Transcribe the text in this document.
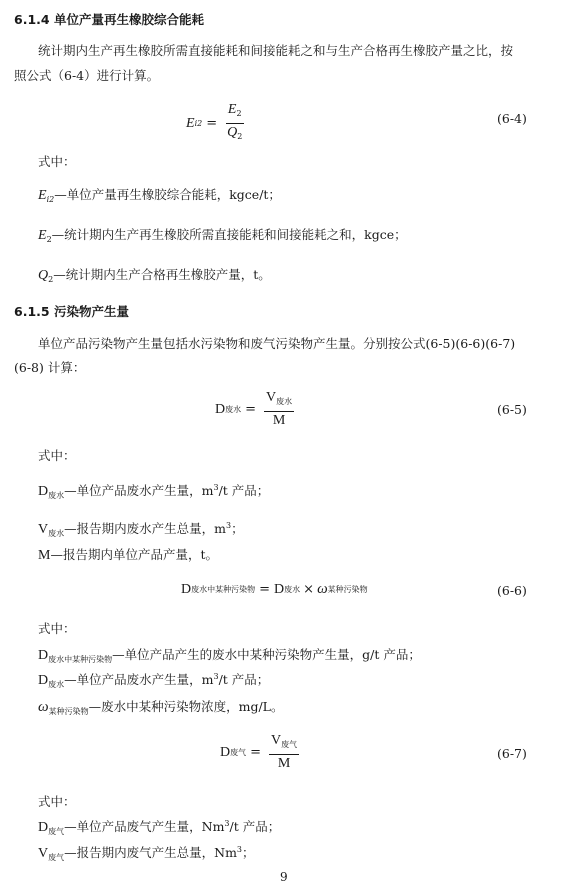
6.1.4 单位产量再生橡胶综合能耗
统计期内生产再生橡胶所需直接能耗和间接能耗之和与生产合格再生橡胶产量之比，按
照公式（6-4）进行计算。
E $i2 = \frac{E_2}{Q_2}$	(6-4)
式中：
$E_{i2}—$单位产量再生橡胶综合能耗，kgce/t；
$E_2—$统计期内生产再生橡胶所需直接能耗和间接能耗之和，kgce；
$Q_2—$统计期内生产合格再生橡胶产量，t。
6.1.5 污染物产生量
单位产品污染物产生量包括水污染物和废气污染物产生量。分别按公式(6-5)(6-6)(6-7)
(6-8) 计算：
D 废水 = $\frac{V_{废水}}{M}$	(6-5)
式中：
$D_{废水}—$单位产品废水产生量，$m^3/t$ 产品；
$V_{废水}—$报告期内废水产生总量，$m^3$；
M—报告期内单位产品产量，t。
D 废水中某种污染物 = D 废水 × ω 某种污染物	(6-6)
式中：
$D_{废水中某种污染物}—$单位产品产生的废水中某种污染物产生量，g/t 产品；
$D_{废水}—$单位产品废水产生量，$m^3/t$ 产品；
$\omega_{某种污染物}—$废水中某种污染物浓度，mg/L。
D 废气 = $\frac{V_{废气}}{M}$	(6-7)
式中：
$D_{废气}—$单位产品废气产生量，Nm$^3$/t 产品；
$V_{废气}—$报告期内废气产生总量，Nm$^3$；
9
